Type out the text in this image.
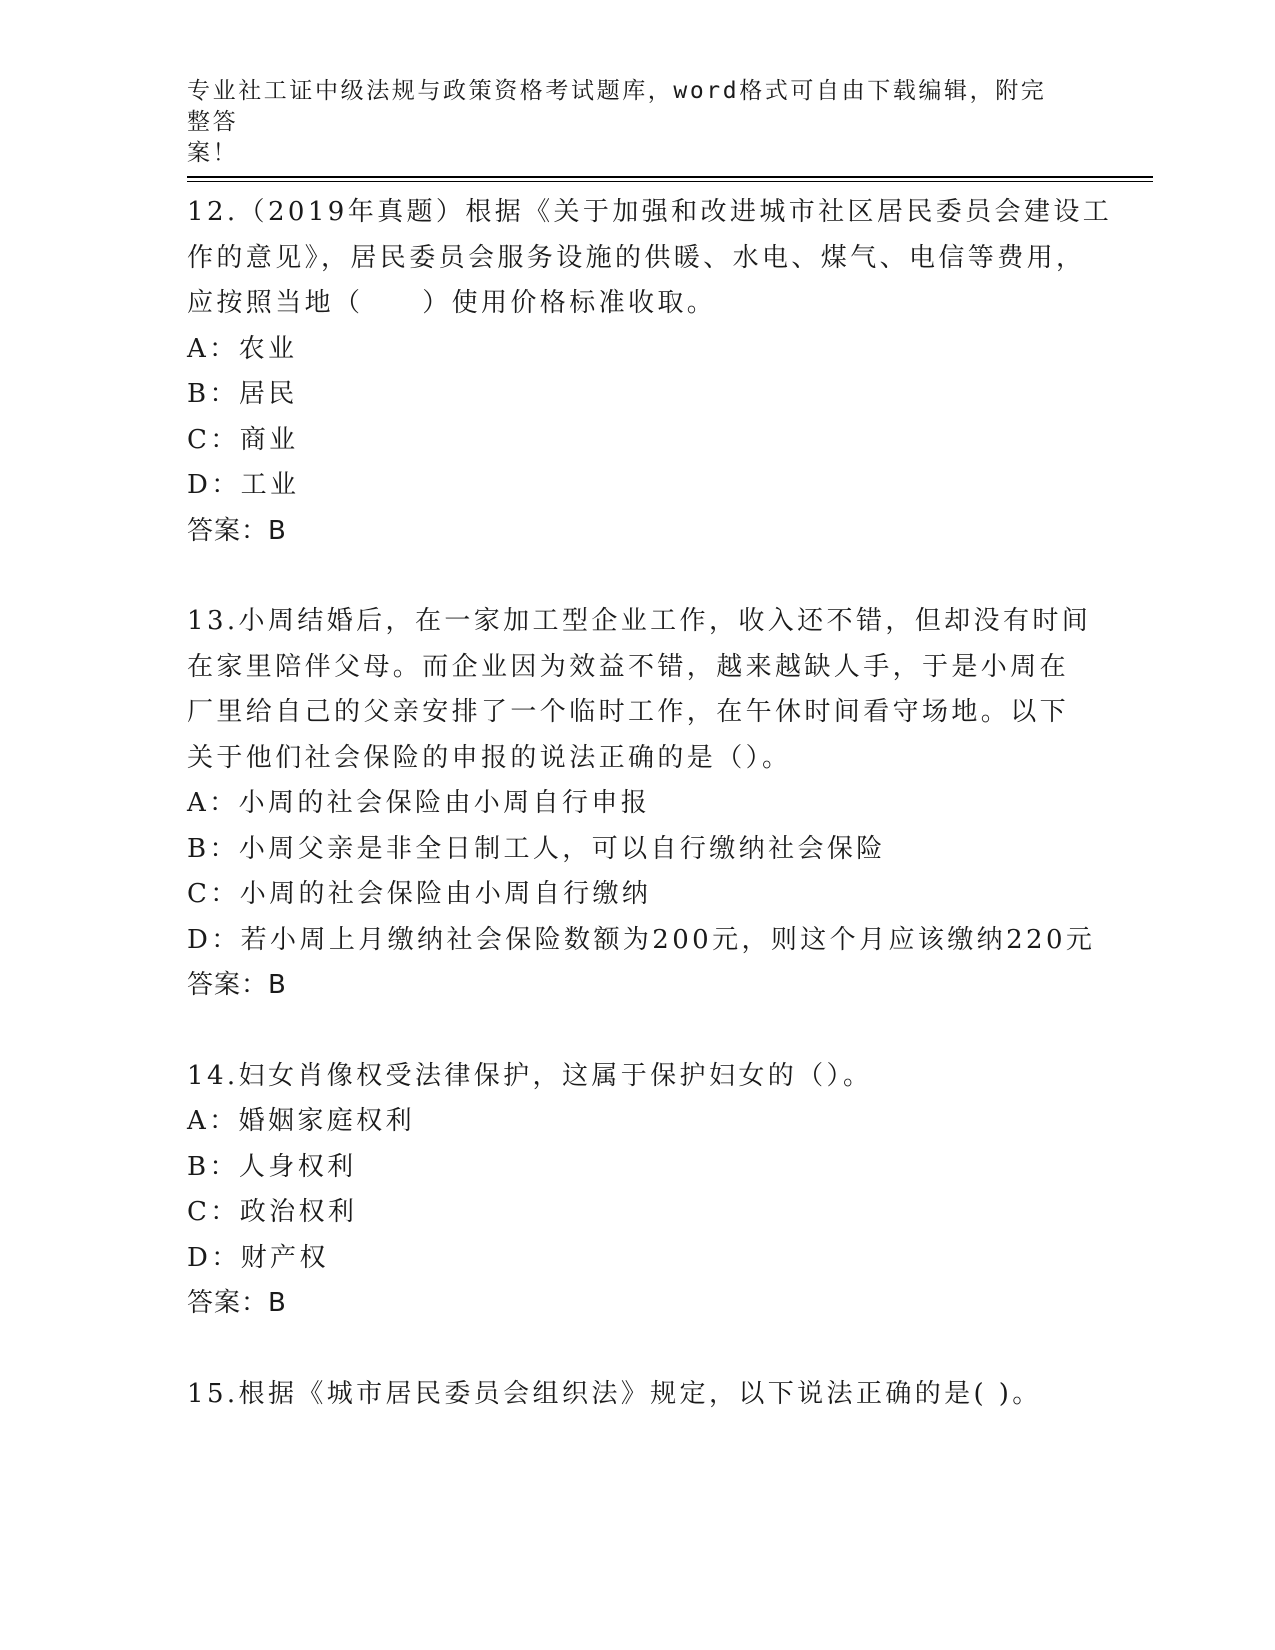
专业社工证中级法规与政策资格考试题库，word格式可自由下载编辑，附完整答
案！
12.（2019年真题）根据《关于加强和改进城市社区居民委员会建设工
作的意见》，居民委员会服务设施的供暖、水电、煤气、电信等费用，
应按照当地（　　）使用价格标准收取。
A：农业
B：居民
C：商业
D：工业
答案：B
13.小周结婚后，在一家加工型企业工作，收入还不错，但却没有时间
在家里陪伴父母。而企业因为效益不错，越来越缺人手，于是小周在
厂里给自己的父亲安排了一个临时工作，在午休时间看守场地。以下
关于他们社会保险的申报的说法正确的是（）。
A：小周的社会保险由小周自行申报
B：小周父亲是非全日制工人，可以自行缴纳社会保险
C：小周的社会保险由小周自行缴纳
D：若小周上月缴纳社会保险数额为200元，则这个月应该缴纳220元
答案：B
14.妇女肖像权受法律保护，这属于保护妇女的（）。
A：婚姻家庭权利
B：人身权利
C：政治权利
D：财产权
答案：B
15.根据《城市居民委员会组织法》规定，以下说法正确的是( )。
